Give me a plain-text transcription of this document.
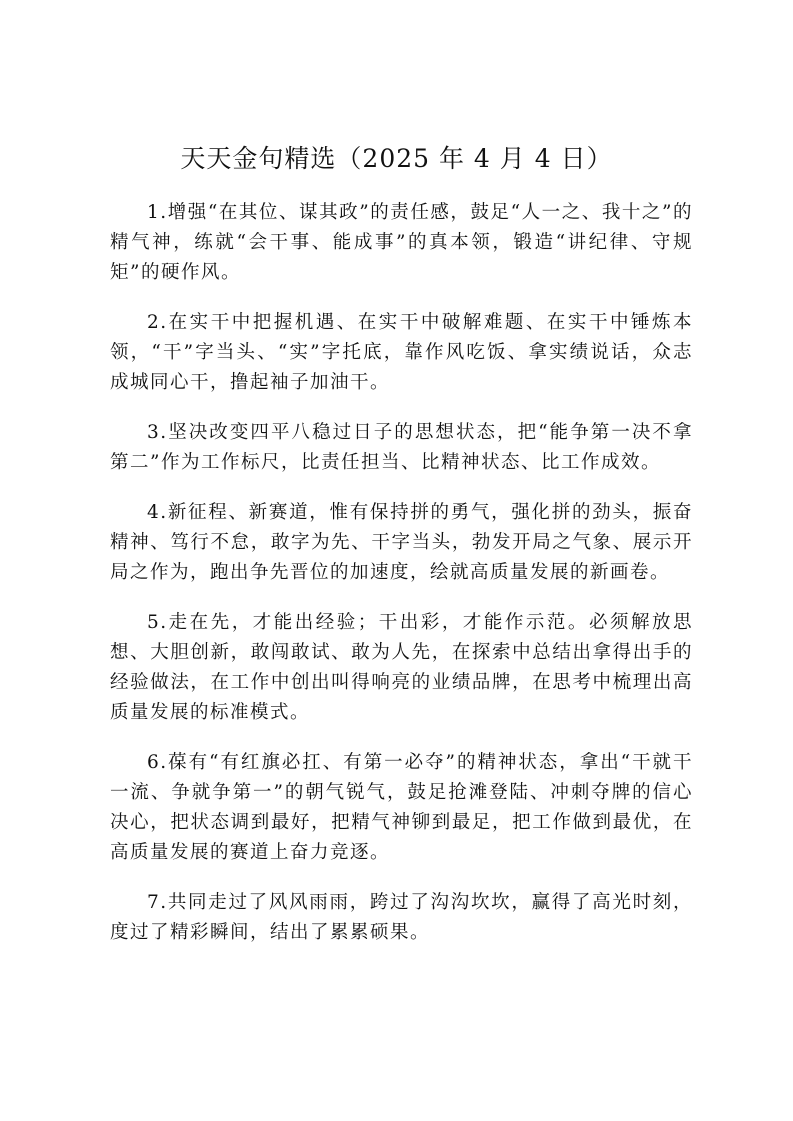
天天金句精选（2025 年 4 月 4 日）

1.增强“在其位、谋其政”的责任感，鼓足“人一之、我十之”的精气神，练就“会干事、能成事”的真本领，锻造“讲纪律、守规矩”的硬作风。

2.在实干中把握机遇、在实干中破解难题、在实干中锤炼本领，“干”字当头、“实”字托底，靠作风吃饭、拿实绩说话，众志成城同心干，撸起袖子加油干。

3.坚决改变四平八稳过日子的思想状态，把“能争第一决不拿第二”作为工作标尺，比责任担当、比精神状态、比工作成效。

4.新征程、新赛道，惟有保持拼的勇气，强化拼的劲头，振奋精神、笃行不怠，敢字为先、干字当头，勃发开局之气象、展示开局之作为，跑出争先晋位的加速度，绘就高质量发展的新画卷。

5.走在先，才能出经验；干出彩，才能作示范。必须解放思想、大胆创新，敢闯敢试、敢为人先，在探索中总结出拿得出手的经验做法，在工作中创出叫得响亮的业绩品牌，在思考中梳理出高质量发展的标准模式。

6.葆有“有红旗必扛、有第一必夺”的精神状态，拿出“干就干一流、争就争第一”的朝气锐气，鼓足抢滩登陆、冲刺夺牌的信心决心，把状态调到最好，把精气神铆到最足，把工作做到最优，在高质量发展的赛道上奋力竞逐。

7.共同走过了风风雨雨，跨过了沟沟坎坎，赢得了高光时刻，度过了精彩瞬间，结出了累累硕果。
